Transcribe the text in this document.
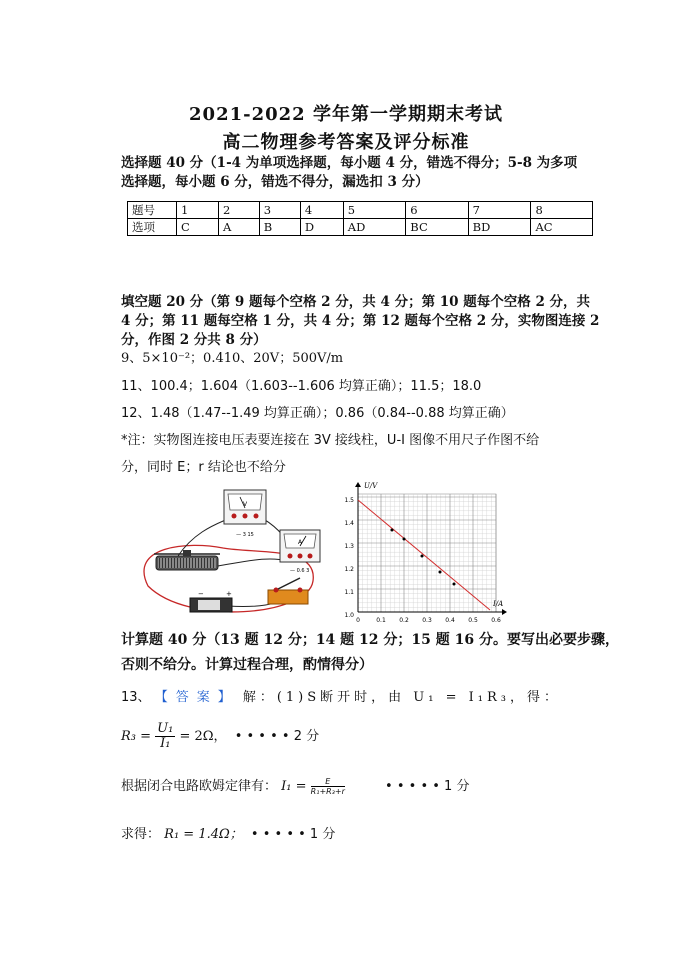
2021-2022 学年第一学期期末考试
高二物理参考答案及评分标准
选择题 40 分（1-4 为单项选择题，每小题 4 分，错选不得分；5-8 为多项
选择题，每小题 6 分，错选不得分，漏选扣 3 分）
题号	1	2	3	4	5	6	7	8
选项	C	A	B	D	AD	BC	BD	AC
填空题 20 分（第 9 题每个空格 2 分，共 4 分；第 10 题每个空格 2 分，共
4 分；第 11 题每空格 1 分，共 4 分；第 12 题每个空格 2 分，实物图连接 2
分，作图 2 分共 8 分）
9、5×10⁻²；0.410、20V；500V/m
11、100.4；1.604（1.603--1.606 均算正确）；11.5；18.0
12、1.48（1.47--1.49 均算正确）；0.86（0.84--0.88 均算正确）
*注：实物图连接电压表要连接在 3V 接线柱，U-I 图像不用尺子作图不给
分，同时 E；r 结论也不给分
V
— 3 15
A
— 0.6 3
−	+
U/V
I/A
1.5
1.4
1.3
1.2
1.1
1.0
0	0.1 0.2 0.3 0.4 0.5 0.6
计算题 40 分（13 题 12 分；14 题 12 分；15 题 16 分。要写出必要步骤，
否则不给分。计算过程合理，酌情得分）
13、 【答案】 解：(1)S断开时，由 U₁ = I₁R₃，得：
$R_3 = \frac{\text{U₁}}{\text{I₁}} = 2\Omega$， • • • • • 2 分
根据闭合电路欧姆定律有： $I_1 = \frac{E}{\text{R₁+R₃+r}}$	• • • • • 1 分
求得： R₁ = 1.4Ω； • • • • • 1 分
